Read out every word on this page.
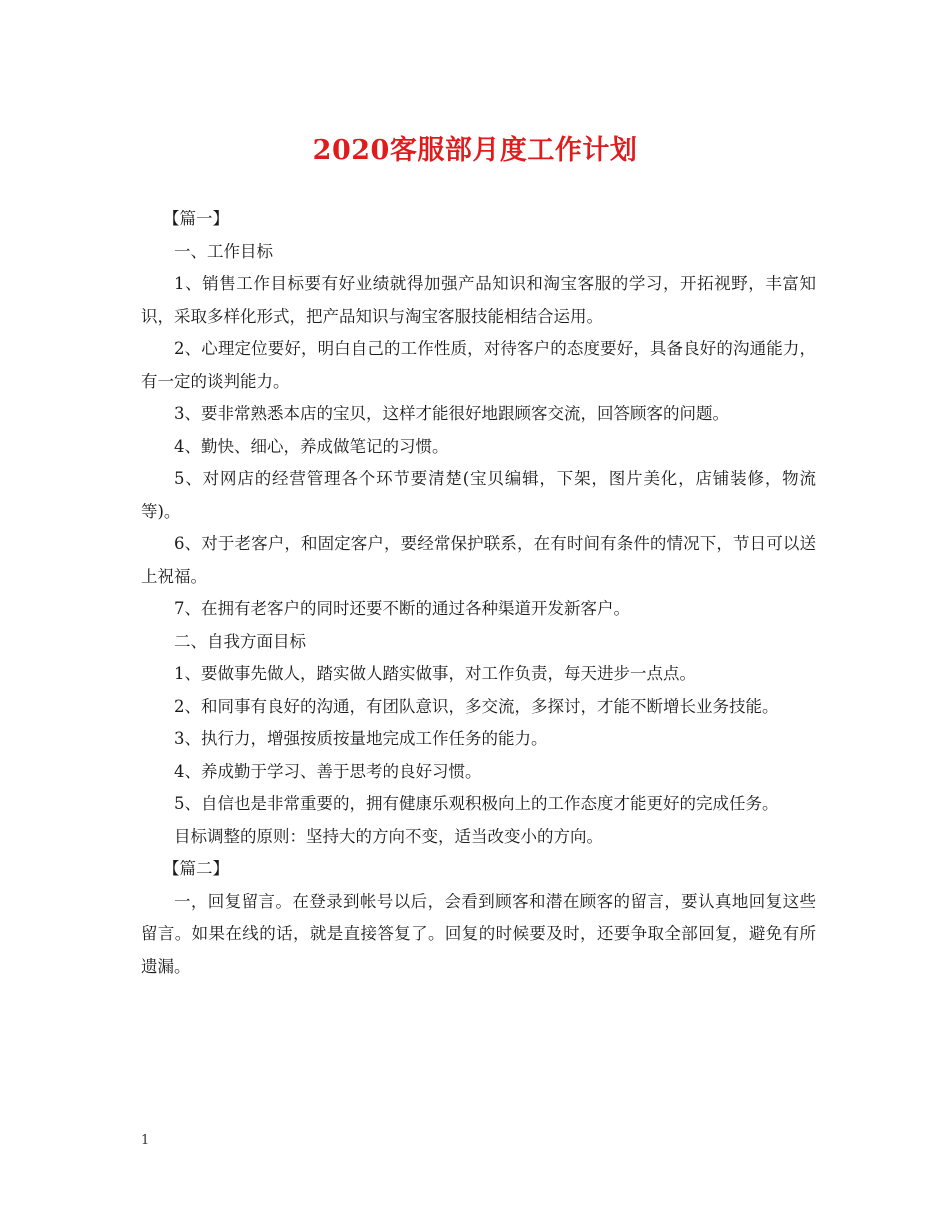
2020客服部月度工作计划

【篇一】

一、工作目标

1、销售工作目标要有好业绩就得加强产品知识和淘宝客服的学习，开拓视野，丰富知识，采取多样化形式，把产品知识与淘宝客服技能相结合运用。

2、心理定位要好，明白自己的工作性质，对待客户的态度要好，具备良好的沟通能力，有一定的谈判能力。

3、要非常熟悉本店的宝贝，这样才能很好地跟顾客交流，回答顾客的问题。

4、勤快、细心，养成做笔记的习惯。

5、对网店的经营管理各个环节要清楚(宝贝编辑，下架，图片美化，店铺装修，物流等)。

6、对于老客户，和固定客户，要经常保护联系，在有时间有条件的情况下，节日可以送上祝福。

7、在拥有老客户的同时还要不断的通过各种渠道开发新客户。

二、自我方面目标

1、要做事先做人，踏实做人踏实做事，对工作负责，每天进步一点点。

2、和同事有良好的沟通，有团队意识，多交流，多探讨，才能不断增长业务技能。

3、执行力，增强按质按量地完成工作任务的能力。

4、养成勤于学习、善于思考的良好习惯。

5、自信也是非常重要的，拥有健康乐观积极向上的工作态度才能更好的完成任务。

目标调整的原则：坚持大的方向不变，适当改变小的方向。

【篇二】

一，回复留言。在登录到帐号以后，会看到顾客和潜在顾客的留言，要认真地回复这些留言。如果在线的话，就是直接答复了。回复的时候要及时，还要争取全部回复，避免有所遗漏。

1
